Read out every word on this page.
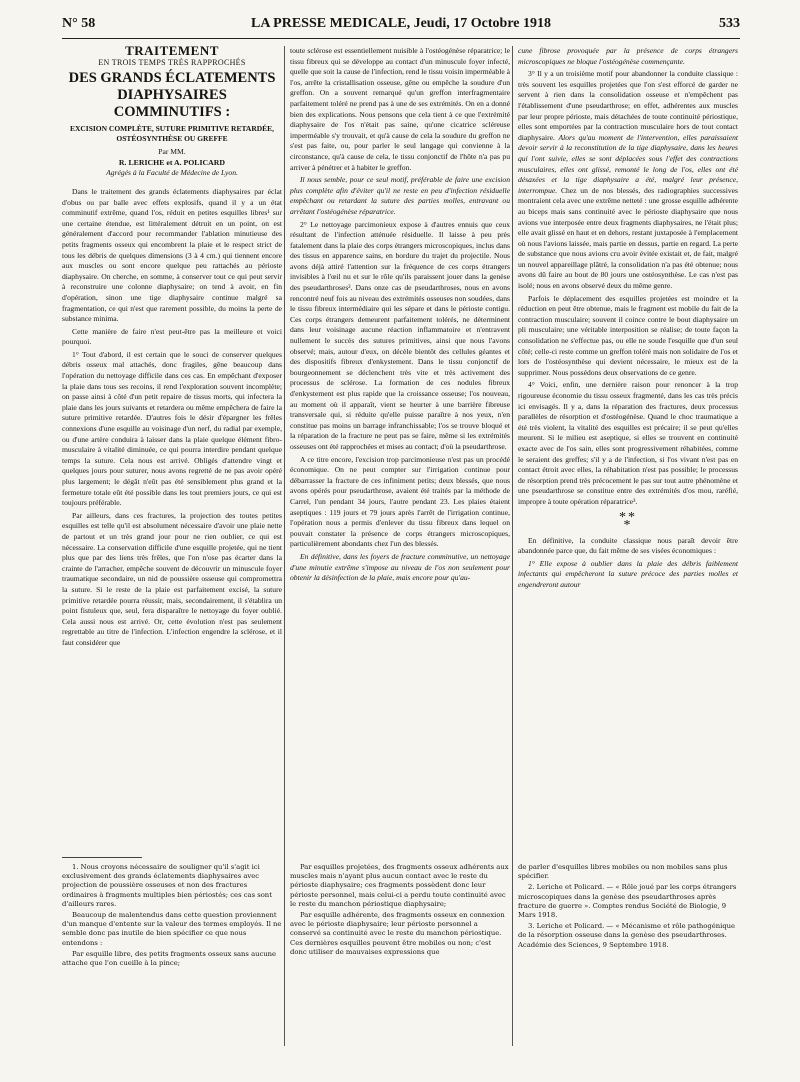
N° 58	LA PRESSE MEDICALE, Jeudi, 17 Octobre 1918	533
TRAITEMENT
EN TROIS TEMPS TRÈS RAPPROCHÉS
DES GRANDS ÉCLATEMENTS DIAPHYSAIRES COMMINUTIFS :
EXCISION COMPLÈTE, SUTURE PRIMITIVE RETARDÉE, OSTÉOSYNTHÈSE OU GREFFE
Par MM.
R. LERICHE et A. POLICARD
Agrégés à la Faculté de Médecine de Lyon.

Dans le traitement des grands éclatements diaphysaires par éclat d'obus ou par balle avec effets explosifs, quand il y a un état comminutif extrême, quand l'os, réduit en petites esquilles libres¹ sur une certaine étendue, est littéralement détruit en un point, on est généralement d'accord pour recommander l'ablation minutieuse des petits fragments osseux qui encombrent la plaie et le respect strict de tous les débris de quelques dimensions (3 à 4 cm.) qui tiennent encore aux muscles ou sont encore quelque peu rattachés au périoste diaphysaire. On cherche, en somme, à conserver tout ce qui peut servir à reconstruire une colonne diaphysaire; on tend à avoir, en fin d'opération, sinon une tige diaphysaire continue malgré sa fragmentation, ce qui n'est que rarement possible, du moins la perte de substance minima.

Cette manière de faire n'est peut-être pas la meilleure et voici pourquoi.

1° Tout d'abord, il est certain que le souci de conserver quelques débris osseux mal attachés, donc fragiles, gêne beaucoup dans l'opération du nettoyage difficile dans ces cas. En empêchant d'exposer la plaie dans tous ses recoins, il rend l'exploration souvent incomplète; on passe ainsi à côté d'un petit repaire de tissus morts, qui infectera la plaie dans les jours suivants et retardera ou même empêchera de faire la suture primitive retardée. D'autres fois le désir d'épargner les frêles connexions d'une esquille au voisinage d'un nerf, du radial par exemple, ou d'une artère conduira à laisser dans la plaie quelque élément fibro-musculaire à vitalité diminuée, ce qui pourra interdire pendant quelque temps la suture. Cela nous est arrivé. Obligés d'attendre vingt et quelques jours pour suturer, nous avons regretté de ne pas avoir opéré plus largement; le dégât n'eût pas été sensiblement plus grand et la fermeture totale eût été possible dans les tout premiers jours, ce qui est toujours préférable.

Par ailleurs, dans ces fractures, la projection des toutes petites esquilles est telle qu'il est absolument nécessaire d'avoir une plaie nette de partout et un très grand jour pour ne rien oublier, ce qui est nécessaire. La conservation difficile d'une esquille projetée, qui ne tient plus que par des liens très frêles, que l'on n'ose pas écarter dans la crainte de l'arracher, empêche souvent de découvrir un minuscule foyer traumatique secondaire, un nid de poussière osseuse qui compromettra la suture. Si le reste de la plaie est parfaitement excisé, la suture primitive retardée pourra réussir, mais, secondairement, il s'établira un point fistuleux que, seul, fera disparaître le nettoyage du foyer oublié. Cela aussi nous est arrivé. Or, cette évolution n'est pas seulement regrettable au titre de l'infection. L'infection engendre la sclérose, et il faut considérer que

toute sclérose est essentiellement nuisible à l'ostéogénèse réparatrice; le tissu fibreux qui se développe au contact d'un minuscule foyer infecté, quelle que soit la cause de l'infection, rend le tissu voisin imperméable à l'os, arrête la cristallisation osseuse, gêne ou empêche la soudure d'un greffon. On a souvent remarqué qu'un greffon interfragmentaire parfaitement toléré ne prend pas à une de ses extrémités. On en a donné bien des explications. Nous pensons que cela tient à ce que l'extrémité diaphysaire de l'os n'était pas saine, qu'une cicatrice scléreuse imperméable s'y trouvait, et qu'à cause de cela la soudure du greffon ne s'est pas faite, ou, pour parler le seul langage qui convienne à la circonstance, qu'à cause de cela, le tissu conjonctif de l'hôte n'a pas pu arriver à pénétrer et à habiter le greffon.

Il nous semble, pour ce seul motif, préférable de faire une excision plus complète afin d'éviter qu'il ne reste en peu d'infection résiduelle empêchant ou retardant la suture des parties molles, entravant ou arrêtant l'ostéogénèse réparatrice.

2° Le nettoyage parcimonieux expose à d'autres ennuis que ceux résultant de l'infection atténuée résiduelle. Il laisse à peu près fatalement dans la plaie des corps étrangers microscopiques, inclus dans des tissus en apparence sains, en bordure du trajet du projectile. Nous avons déjà attiré l'attention sur la fréquence de ces corps étrangers invisibles à l'œil nu et sur le rôle qu'ils paraissent jouer dans la genèse des pseudarthroses². Dans onze cas de pseudarthroses, nous en avons rencontré neuf fois au niveau des extrémités osseuses non soudées, dans le tissu fibreux intermédiaire qui les sépare et dans le périoste contigu. Ces corps étrangers demeurent parfaitement tolérés, ne déterminent dans leur voisinage aucune réaction inflammatoire et n'entravent nullement le succès des sutures primitives, ainsi que nous l'avons observé; mais, autour d'eux, on décèle bientôt des cellules géantes et des dispositifs fibreux d'enkystement. Dans le tissu conjonctif de bourgeonnement se déclenchent très vite et très activement des processus de sclérose. La formation de ces nodules fibreux d'enkystement est plus rapide que la croissance osseuse; l'os nouveau, au moment où il apparaît, vient se heurter à une barrière fibreuse transversale qui, si réduite qu'elle puisse paraître à nos yeux, n'en constitue pas moins un barrage infranchissable; l'os se trouve bloqué et la réparation de la fracture ne peut pas se faire, même si les extrémités osseuses ont été rapprochées et mises au contact; d'où la pseudarthrose.

A ce titre encore, l'excision trop parcimonieuse n'est pas un procédé économique. On ne peut compter sur l'irrigation continue pour débarrasser la fracture de ces infiniment petits; deux blessés, que nous avons opérés pour pseudarthrose, avaient été traités par la méthode de Carrel, l'un pendant 34 jours, l'autre pendant 23. Les plaies étaient aseptiques : 119 jours et 79 jours après l'arrêt de l'irrigation continue, l'opération nous a permis d'enlever du tissu fibreux dans lequel on pouvait constater la présence de corps étrangers microscopiques, particulièrement abondants chez l'un des blessés.

En définitive, dans les foyers de fracture comminutive, un nettoyage d'une minutie extrême s'impose au niveau de l'os non seulement pour obtenir la désinfection de la plaie, mais encore pour qu'au-

cune fibrose provoquée par la présence de corps étrangers microscopiques ne bloque l'ostéogénèse commençante.

3° Il y a un troisième motif pour abandonner la conduite classique : très souvent les esquilles projetées que l'on s'est efforcé de garder ne servent à rien dans la consolidation osseuse et n'empêchent pas l'établissement d'une pseudarthrose; en effet, adhérentes aux muscles par leur propre périoste, mais détachées de toute continuité périostique, elles sont emportées par la contraction musculaire hors de tout contact diaphysaire. Alors qu'au moment de l'intervention, elles paraissaient devoir servir à la reconstitution de la tige diaphysaire, dans les heures qui l'ont suivie, elles se sont déplacées sous l'effet des contractions musculaires, elles ont glissé, remonté le long de l'os, elles ont été désaxées et la tige diaphysaire a été, malgré leur présence, interrompue. Chez un de nos blessés, des radiographies successives montraient cela avec une extrême netteté : une grosse esquille adhérente au biceps mais sans continuité avec le périoste diaphysaire que nous avions vue interposée entre deux fragments diaphysaires, ne l'était plus; elle avait glissé en haut et en dehors, restant juxtaposée à l'emplacement où nous l'avions laissée, mais partie en dessus, partie en regard. La perte de substance que nous avions cru avoir évitée existait et, de fait, malgré un nouvel appareillage plâtré, la consolidation n'a pas été obtenue; nous avons dû faire au bout de 80 jours une ostéosynthèse. Le cas n'est pas isolé; nous en avons observé deux du même genre.

Parfois le déplacement des esquilles projetées est moindre et la réduction en peut être obtenue, mais le fragment est mobile du fait de la contraction musculaire; souvent il coince contre le bout diaphysaire un pli musculaire; une véritable interposition se réalise; de toute façon la consolidation ne s'effectue pas, ou elle ne soude l'esquille que d'un seul côté; celle-ci reste comme un greffon toléré mais non solidaire de l'os et lors de l'ostéosynthèse qui devient nécessaire, le mieux est de la supprimer. Nous possédons deux observations de ce genre.

4° Voici, enfin, une dernière raison pour renoncer à la trop rigoureuse économie du tissu osseux fragmenté, dans les cas très précis ici envisagés. Il y a, dans la réparation des fractures, deux processus parallèles de résorption et d'ostéogénèse. Quand le choc traumatique a été très violent, la vitalité des esquilles est précaire; il se peut qu'elles meurent. Si le milieu est aseptique, si elles se trouvent en continuité exacte avec de l'os sain, elles sont progressivement réhabitées, comme le seraient des greffes; s'il y a de l'infection, si l'os vivant n'est pas en contact étroit avec elles, la réhabitation n'est pas possible; le processus de résorption prend très précocement le pas sur tout autre phénomène et une pseudarthrose se constitue entre des extrémités d'os mou, raréfié, impropre à toute opération réparatrice³.

**
*

En définitive, la conduite classique nous paraît devoir être abandonnée parce que, du fait même de ses visées économiques :

1° Elle expose à oublier dans la plaie des débris faiblement infectants qui empêcheront la suture précoce des parties molles et engendreront autour

1. Nous croyons nécessaire de souligner qu'il s'agit ici exclusivement des grands éclatements diaphysaires avec projection de poussière osseuses et non des fractures ordinaires à fragments multiples bien périostés; ces cas sont d'ailleurs rares.

Beaucoup de malentendus dans cette question proviennent d'un manque d'entente sur la valeur des termes employés. Il ne semble donc pas inutile de bien spécifier ce que nous entendons :

Par esquille libre, des petits fragments osseux sans aucune attache que l'on cueille à la pince;

Par esquilles projetées, des fragments osseux adhérents aux muscles mais n'ayant plus aucun contact avec le reste du périoste diaphysaire; ces fragments possèdent donc leur périoste personnel, mais celui-ci a perdu toute continuité avec le reste du manchon périostique diaphysaire;

Par esquille adhérente, des fragments osseux en connexion avec le périoste diaphysaire; leur périoste personnel a conservé sa continuité avec le reste du manchon périostique. Ces dernières esquilles peuvent être mobiles ou non; c'est donc utiliser de mauvaises expressions que

de parler d'esquilles libres mobiles ou non mobiles sans plus spécifier.

2. Leriche et Policard. — « Rôle joué par les corps étrangers microscopiques dans la genèse des pseudarthroses après fracture de guerre ». Comptes rendus Société de Biologie, 9 Mars 1918.

3. Leriche et Policard. — « Mécanisme et rôle pathogénique de la résorption osseuse dans la genèse des pseudarthroses. Académie des Sciences, 9 Septembre 1918.
